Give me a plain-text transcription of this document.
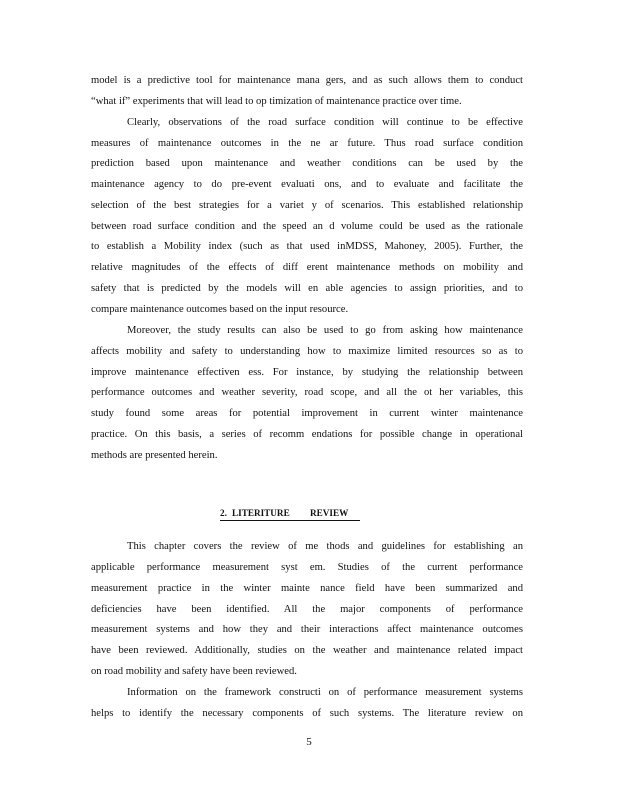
model is a predictive tool for maintenance mana gers, and as such allows them to conduct
“what if” experiments that will lead to op timization of maintenance practice over time.
Clearly, observations of the road surface condition will continue to be effective
measures of maintenance outcomes in the ne ar future. Thus road surface condition
prediction based upon maintenance and weather conditions can be used by the
maintenance agency to do pre-event evaluati ons, and to evaluate and facilitate the
selection of the best strategies for a variet y of scenarios. This established relationship
between road surface condition and the speed an d volume could be used as the rationale
to establish a Mobility index (such as that used inMDSS, Mahoney, 2005). Further, the
relative magnitudes of the effects of diff erent maintenance methods on mobility and
safety that is predicted by the models will en able agencies to assign priorities, and to
compare maintenance outcomes based on the input resource.
Moreover, the study results can also be used to go from asking how maintenance
affects mobility and safety to understanding how to maximize limited resources so as to
improve maintenance effectiven ess. For instance, by studying the relationship between
performance outcomes and weather severity, road scope, and all the ot her variables, this
study found some areas for potential improvement in current winter maintenance
practice. On this basis, a series of recomm endations for possible change in operational
methods are presented herein.
2. LITERITURE REVIEW
This chapter covers the review of me thods and guidelines for establishing an
applicable performance measurement syst em. Studies of the current performance
measurement practice in the winter mainte nance field have been summarized and
deficiencies have been identified. All the major components of performance
measurement systems and how they and their interactions affect maintenance outcomes
have been reviewed. Additionally, studies on the weather and maintenance related impact
on road mobility and safety have been reviewed.
Information on the framework constructi on of performance measurement systems
helps to identify the necessary components of such systems. The literature review on
5
